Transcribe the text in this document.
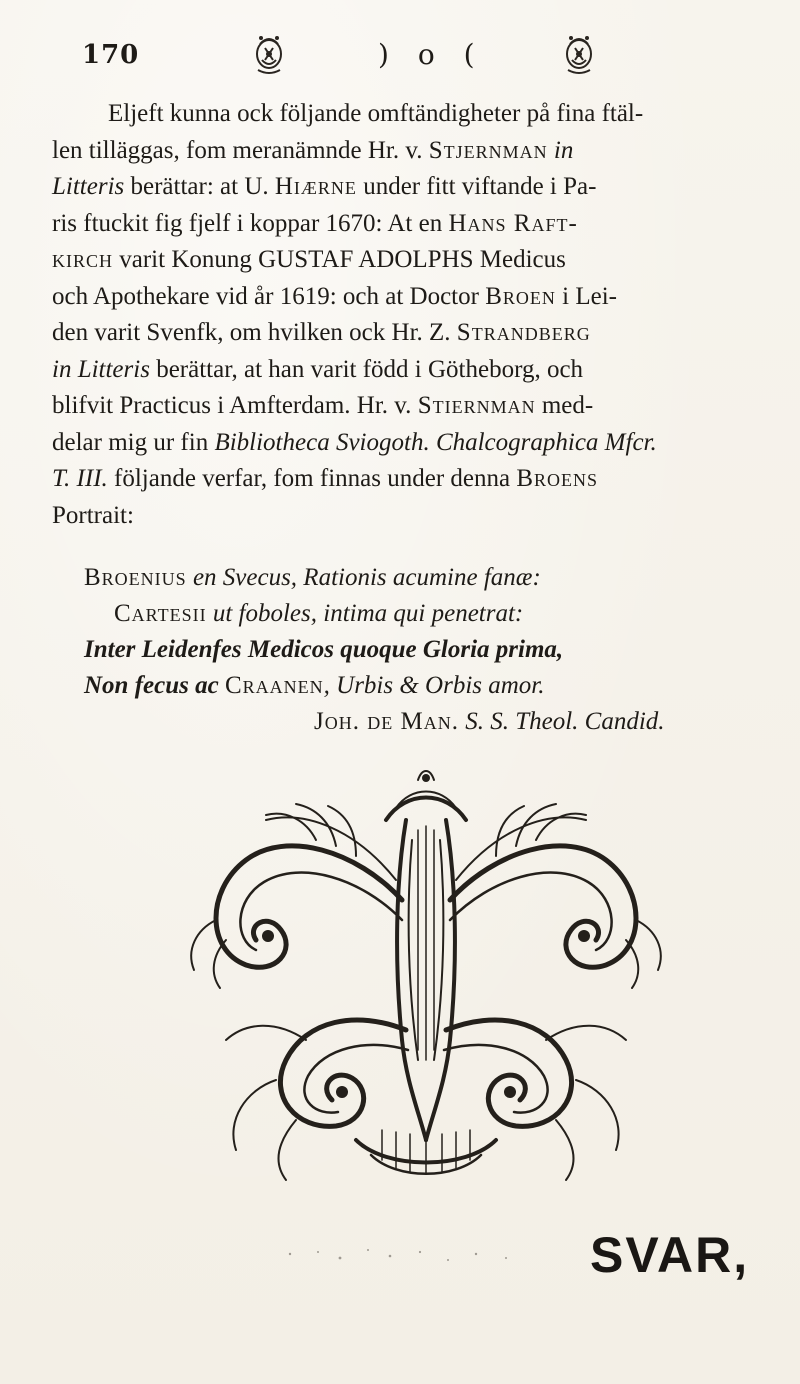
170	) o (
Eljeft kunna ock följande omftändigheter på fina ftäl-
len tilläggas, fom meranämnde Hr. v. Stjernman in
Litteris berättar: at U. Hiærne under fitt viftande i Pa-
ris ftuckit fig fjelf i koppar 1670: At en Hans Raft-
kirch varit Konung GUSTAF ADOLPHS Medicus
och Apothekare vid år 1619: och at Doctor Broen i Lei-
den varit Svenfk, om hvilken ock Hr. Z. Strandberg
in Litteris berättar, at han varit född i Götheborg, och
blifvit Practicus i Amfterdam. Hr. v. Stiernman med-
delar mig ur fin Bibliotheca Sviogoth. Chalcographica Mfcr.
T. III. följande verfar, fom finnas under denna Broens
Portrait:
Broenius en Svecus, Rationis acumine fanæ:
Cartesii ut foboles, intima qui penetrat:
Inter Leidenfes Medicos quoque Gloria prima,
Non fecus ac Craanen, Urbis & Orbis amor.
Joh. de Man. S. S. Theol. Candid.
SVAR,
